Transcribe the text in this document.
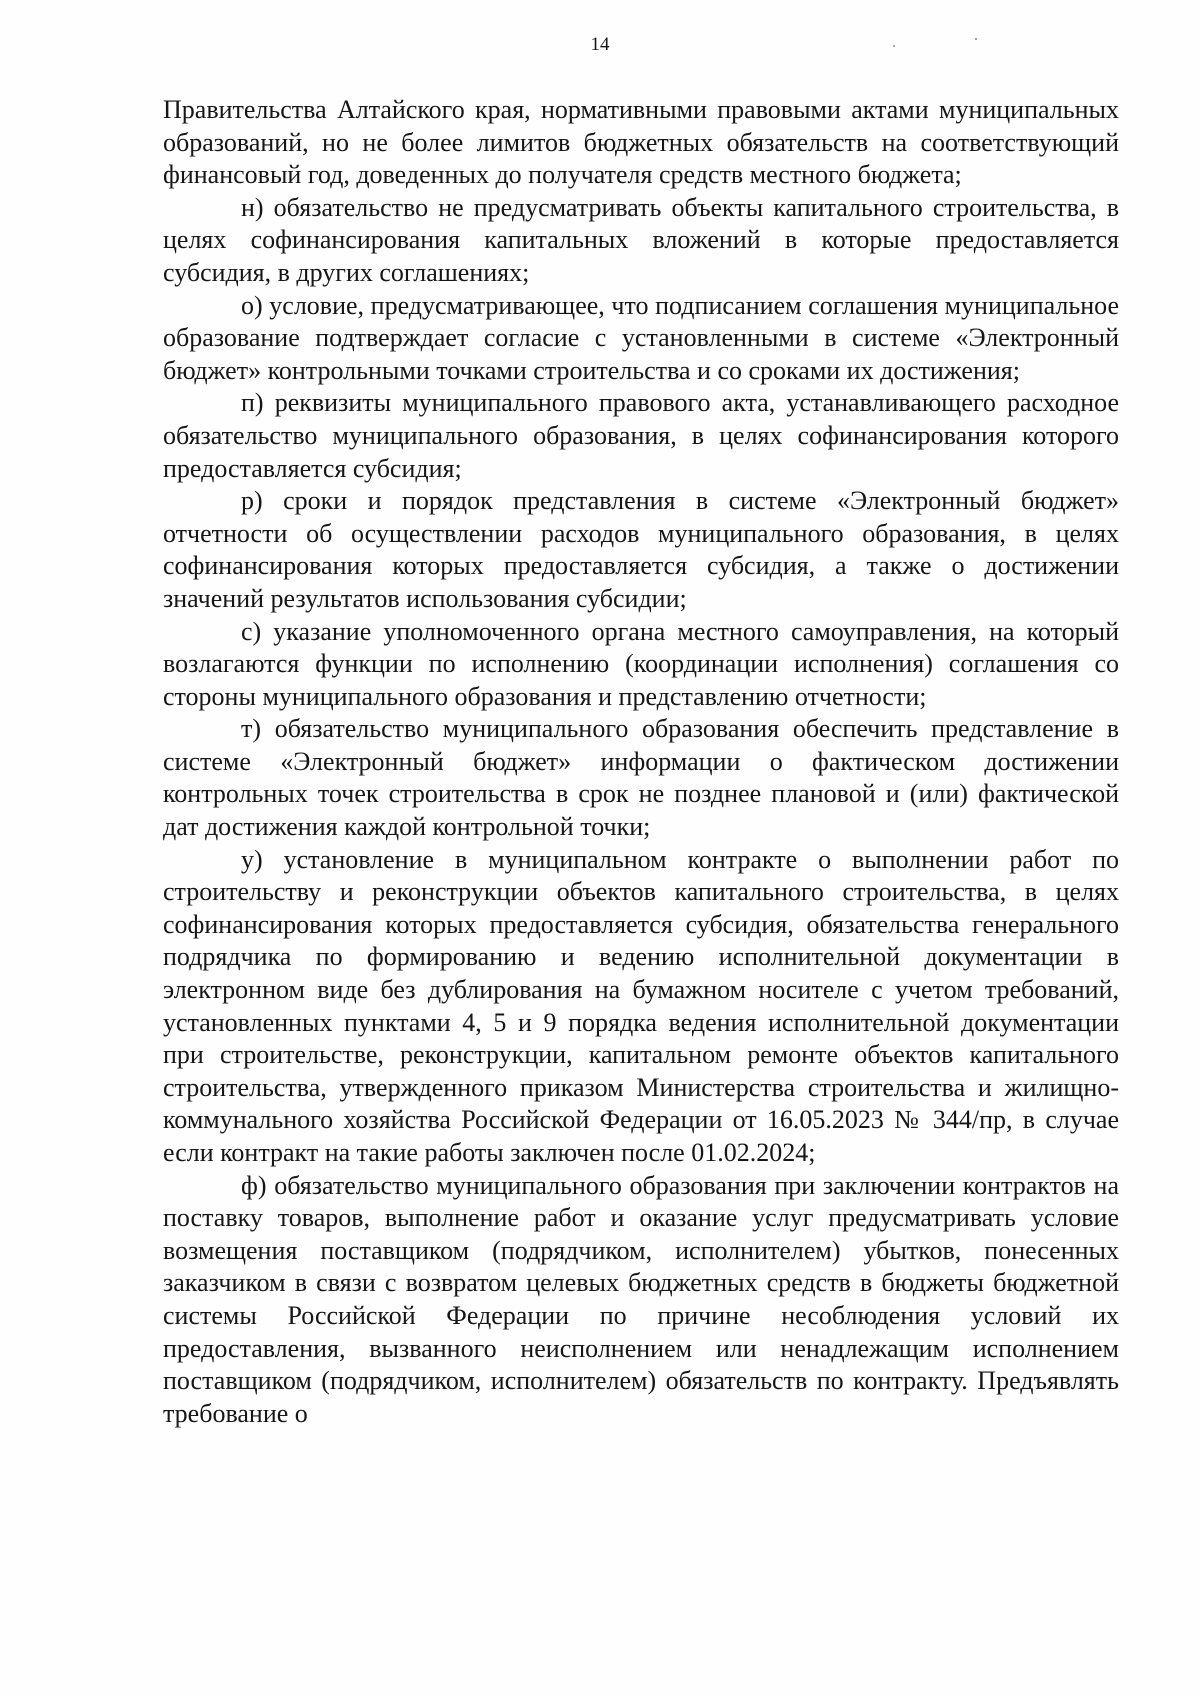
14

Правительства Алтайского края, нормативными правовыми актами муниципальных образований, но не более лимитов бюджетных обязательств на соответствующий финансовый год, доведенных до получателя средств местного бюджета;

н) обязательство не предусматривать объекты капитального строительства, в целях софинансирования капитальных вложений в которые предоставляется субсидия, в других соглашениях;

о) условие, предусматривающее, что подписанием соглашения муниципальное образование подтверждает согласие с установленными в системе «Электронный бюджет» контрольными точками строительства и со сроками их достижения;

п) реквизиты муниципального правового акта, устанавливающего расходное обязательство муниципального образования, в целях софинансирования которого предоставляется субсидия;

р) сроки и порядок представления в системе «Электронный бюджет» отчетности об осуществлении расходов муниципального образования, в целях софинансирования которых предоставляется субсидия, а также о достижении значений результатов использования субсидии;

с) указание уполномоченного органа местного самоуправления, на который возлагаются функции по исполнению (координации исполнения) соглашения со стороны муниципального образования и представлению отчетности;

т) обязательство муниципального образования обеспечить представление в системе «Электронный бюджет» информации о фактическом достижении контрольных точек строительства в срок не позднее плановой и (или) фактической дат достижения каждой контрольной точки;

у) установление в муниципальном контракте о выполнении работ по строительству и реконструкции объектов капитального строительства, в целях софинансирования которых предоставляется субсидия, обязательства генерального подрядчика по формированию и ведению исполнительной документации в электронном виде без дублирования на бумажном носителе с учетом требований, установленных пунктами 4, 5 и 9 порядка ведения исполнительной документации при строительстве, реконструкции, капитальном ремонте объектов капитального строительства, утвержденного приказом Министерства строительства и жилищно-коммунального хозяйства Российской Федерации от 16.05.2023 № 344/пр, в случае если контракт на такие работы заключен после 01.02.2024;

ф) обязательство муниципального образования при заключении контрактов на поставку товаров, выполнение работ и оказание услуг предусматривать условие возмещения поставщиком (подрядчиком, исполнителем) убытков, понесенных заказчиком в связи с возвратом целевых бюджетных средств в бюджеты бюджетной системы Российской Федерации по причине несоблюдения условий их предоставления, вызванного неисполнением или ненадлежащим исполнением поставщиком (подрядчиком, исполнителем) обязательств по контракту. Предъявлять требование о
